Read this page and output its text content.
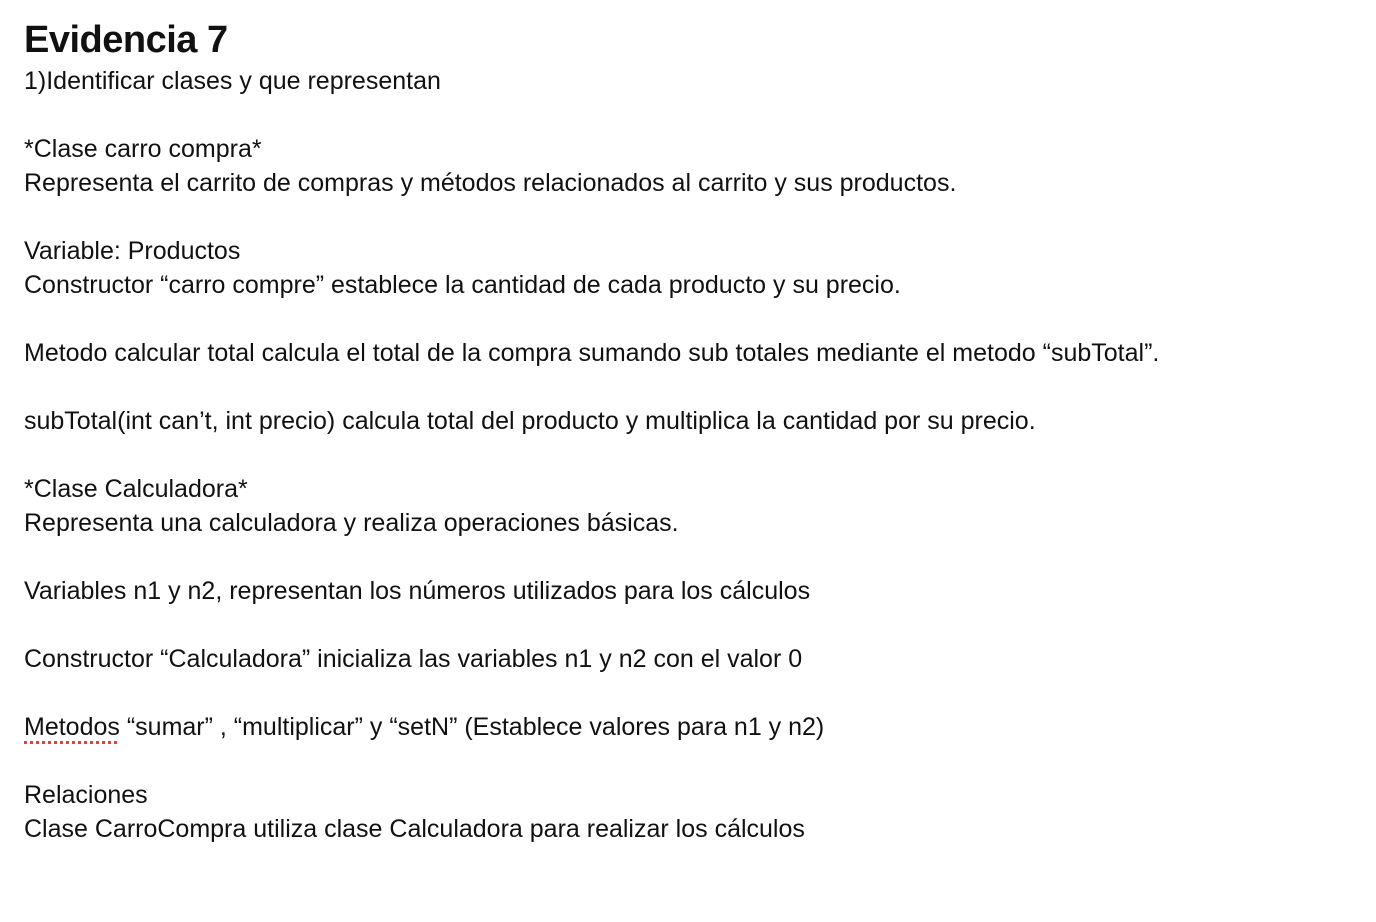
Evidencia 7
1)Identificar clases y que representan
*Clase carro compra*
Representa el carrito de compras y métodos relacionados al carrito y sus productos.
Variable: Productos
Constructor “carro compre” establece la cantidad de cada producto y su precio.
Metodo calcular total calcula el total de la compra sumando sub totales mediante el metodo “subTotal”.
subTotal(int can’t, int precio) calcula total del producto y multiplica la cantidad por su precio.
*Clase Calculadora*
Representa una calculadora y realiza operaciones básicas.
Variables n1 y n2, representan los números utilizados para los cálculos
Constructor “Calculadora” inicializa las variables n1 y n2 con el valor 0
Metodos “sumar” , “multiplicar” y “setN” (Establece valores para n1 y n2)
Relaciones
Clase CarroCompra utiliza clase Calculadora para realizar los cálculos
